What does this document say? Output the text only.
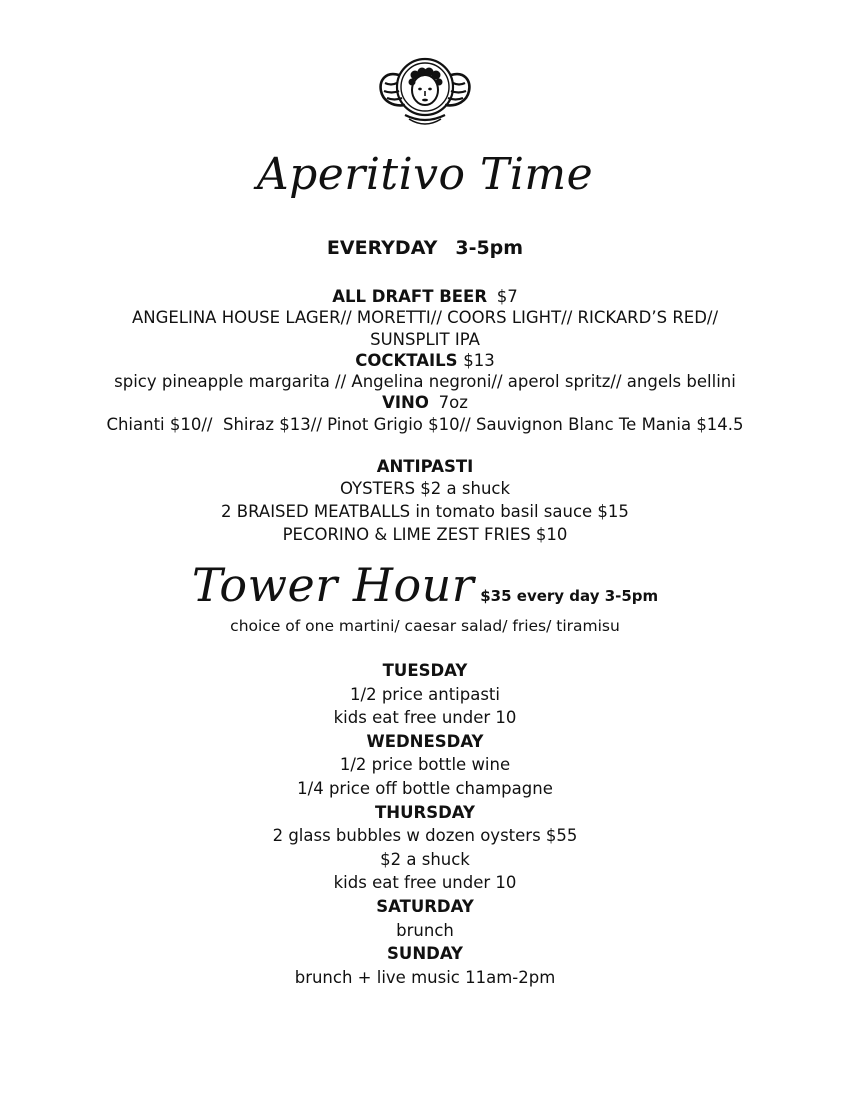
Aperitivo Time
EVERYDAY 3-5pm
ALL DRAFT BEER $7
ANGELINA HOUSE LAGER// MORETTI// COORS LIGHT// RICKARD’S RED//
SUNSPLIT IPA
COCKTAILS $13
spicy pineapple margarita // Angelina negroni// aperol spritz// angels bellini
VINO 7oz
Chianti $10//  Shiraz $13// Pinot Grigio $10// Sauvignon Blanc Te Mania $14.5
ANTIPASTI
OYSTERS $2 a shuck
2 BRAISED MEATBALLS in tomato basil sauce $15
PECORINO & LIME ZEST FRIES $10
Tower Hour $35 every day 3-5pm
choice of one martini/ caesar salad/ fries/ tiramisu
TUESDAY
1/2 price antipasti
kids eat free under 10
WEDNESDAY
1/2 price bottle wine
1/4 price off bottle champagne
THURSDAY
2 glass bubbles w dozen oysters $55
$2 a shuck
kids eat free under 10
SATURDAY
brunch
SUNDAY
brunch + live music 11am-2pm
